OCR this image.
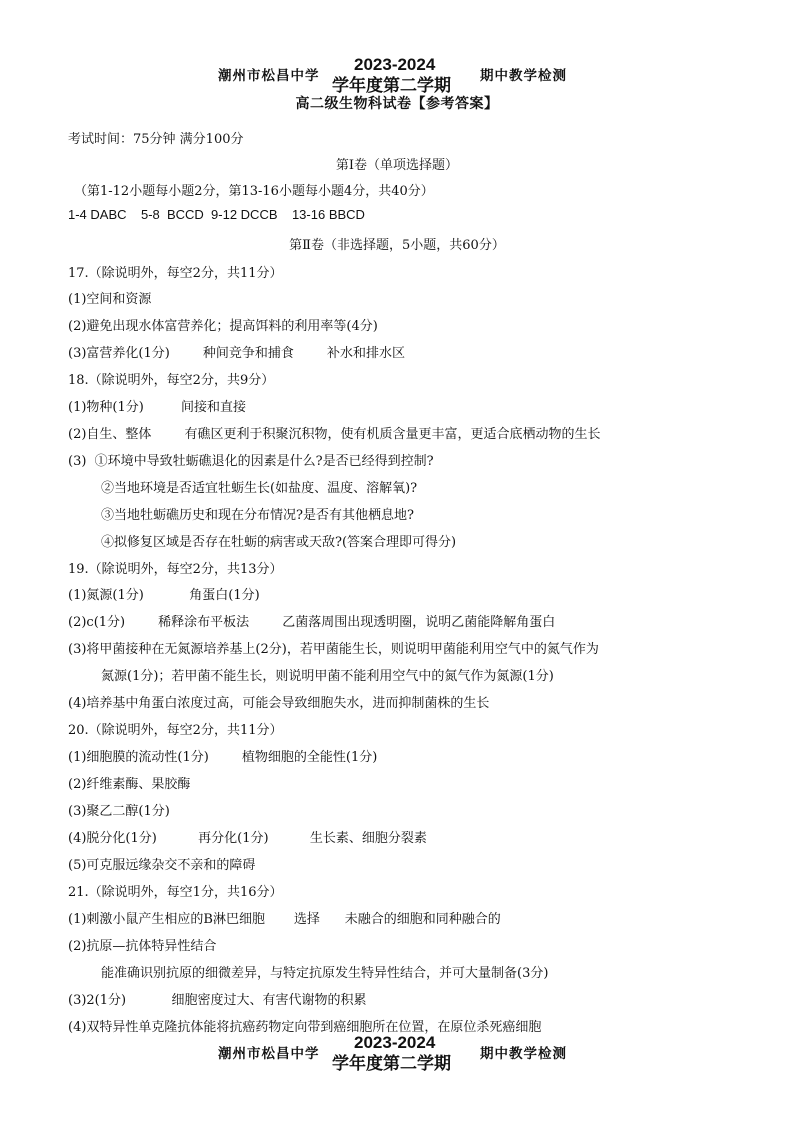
潮州市松昌中学
2023-2024
学年度第二学期 期中教学检测
高二级生物科试卷【参考答案】
考试时间：75分钟 满分100分
第Ⅰ卷（单项选择题）
（第1-12小题每小题2分，第13-16小题每小题4分，共40分）
1-4 DABC    5-8  BCCD  9-12 DCCB    13-16 BBCD
第Ⅱ卷（非选择题，5小题，共60分）
17.（除说明外，每空2分，共11分）
(1)空间和资源
(2)避免出现水体富营养化；提高饵料的利用率等(4分)
(3)富营养化(1分)        种间竞争和捕食        补水和排水区
18.（除说明外，每空2分，共9分）
(1)物种(1分)         间接和直接
(2)自生、整体        有礁区更利于积聚沉积物，使有机质含量更丰富，更适合底栖动物的生长
(3)  ①环境中导致牡蛎礁退化的因素是什么?是否已经得到控制?
②当地环境是否适宜牡蛎生长(如盐度、温度、溶解氧)?
③当地牡蛎礁历史和现在分布情况?是否有其他栖息地?
④拟修复区域是否存在牡蛎的病害或天敌?(答案合理即可得分)
19.（除说明外，每空2分，共13分）
(1)氮源(1分)           角蛋白(1分)
(2)c(1分)        稀释涂布平板法        乙菌落周围出现透明圈，说明乙菌能降解角蛋白
(3)将甲菌接种在无氮源培养基上(2分)，若甲菌能生长，则说明甲菌能利用空气中的氮气作为
氮源(1分)；若甲菌不能生长，则说明甲菌不能利用空气中的氮气作为氮源(1分)
(4)培养基中角蛋白浓度过高，可能会导致细胞失水，进而抑制菌株的生长
20.（除说明外，每空2分，共11分）
(1)细胞膜的流动性(1分)        植物细胞的全能性(1分)
(2)纤维素酶、果胶酶
(3)聚乙二醇(1分)
(4)脱分化(1分)          再分化(1分)          生长素、细胞分裂素
(5)可克服远缘杂交不亲和的障碍
21.（除说明外，每空1分，共16分）
(1)刺激小鼠产生相应的B淋巴细胞       选择      未融合的细胞和同种融合的
(2)抗原—抗体特异性结合
能准确识别抗原的细微差异，与特定抗原发生特异性结合，并可大量制备(3分)
(3)2(1分)           细胞密度过大、有害代谢物的积累
(4)双特异性单克隆抗体能将抗癌药物定向带到癌细胞所在位置，在原位杀死癌细胞
潮州市松昌中学
2023-2024
学年度第二学期 期中教学检测
